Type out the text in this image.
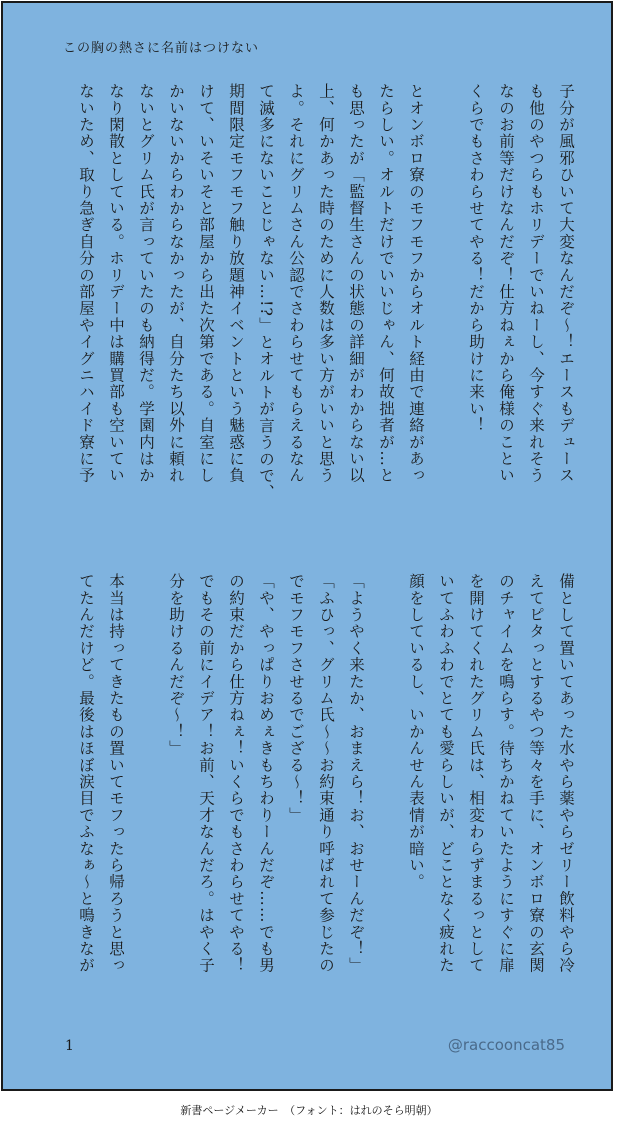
この胸の熱さに名前はつけない
子分が風邪ひいて大変なんだぞ～！エースもデュース
も他のやつらもホリデーでいねーし、今すぐ来れそう
なのお前等だけなんだぞ！仕方ねぇから俺様のことい
くらでもさわらせてやる！だから助けに来い！
とオンボロ寮のモフモフからオルト経由で連絡があっ
たらしい。オルトだけでいいじゃん、何故拙者が…と
も思ったが「監督生さんの状態の詳細がわからない以
上、何かあった時のために人数は多い方がいいと思う
よ。それにグリムさん公認でさわらせてもらえるなん
て滅多にないことじゃない…!?」とオルトが言うので、
期間限定モフモフ触り放題神イベントという魅惑に負
けて、いそいそと部屋から出た次第である。自室にし
かいないからわからなかったが、自分たち以外に頼れ
ないとグリム氏が言っていたのも納得だ。学園内はか
なり閑散としている。ホリデー中は購買部も空いてい
ないため、取り急ぎ自分の部屋やイグニハイド寮に予
備として置いてあった水やら薬やらゼリー飲料やら冷
えてピタっとするやつ等々を手に、オンボロ寮の玄関
のチャイムを鳴らす。待ちかねていたようにすぐに扉
を開けてくれたグリム氏は、相変わらずまるっとして
いてふわふわでとても愛らしいが、どことなく疲れた
顔をしているし、いかんせん表情が暗い。
「ようやく来たか、おまえら！お、おせーんだぞ！」
「ふひっ、グリム氏～～お約束通り呼ばれて参じたの
でモフモフさせるでござる～！」
「や、やっぱりおめぇきもちわりーんだぞ……でも男
の約束だから仕方ねぇ！いくらでもさわらせてやる！
でもその前にイデア！お前、天才なんだろ。はやく子
分を助けるんだぞ～！」
本当は持ってきたもの置いてモフったら帰ろうと思っ
てたんだけど。最後はほぼ涙目でふなぁ～と鳴きなが
1	@raccooncat85
新書ページメーカー　（フォント：はれのそら明朝）
